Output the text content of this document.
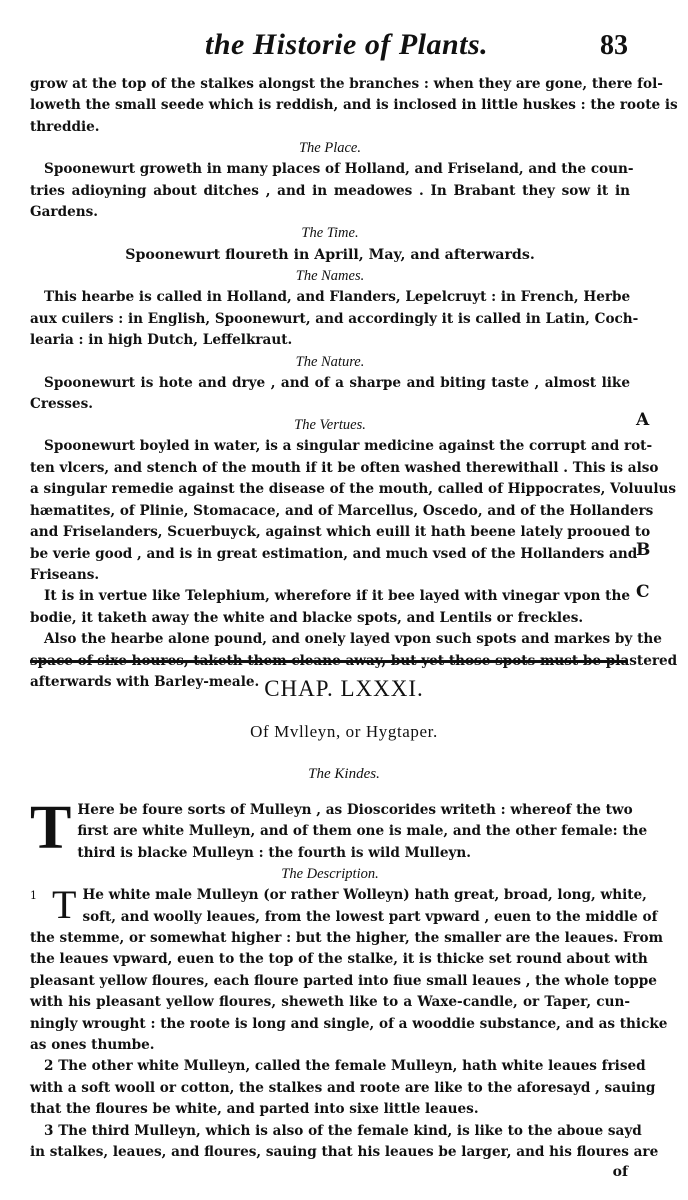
the Historie of Plants.	83
grow at the top of the stalkes alongst the branches : when they are gone, there fol-
loweth the small seede which is reddish, and is inclosed in little huskes : the roote is
threddie.
The Place.
Spoonewurt groweth in many places of Holland, and Friseland, and the coun-
tries adioyning about ditches , and in meadowes . In Brabant they sow it in
Gardens.
The Time.
Spoonewurt floureth in Aprill, May, and afterwards.
The Names.
This hearbe is called in Holland, and Flanders, Lepelcruyt : in French, Herbe
aux cuilers : in English, Spoonewurt, and accordingly it is called in Latin, Coch-
learia : in high Dutch, Leffelkraut.
The Nature.
Spoonewurt is hote and drye , and of a sharpe and biting taste , almost like
Cresses.
The Vertues.
Spoonewurt boyled in water, is a singular medicine against the corrupt and rot-
ten vlcers, and stench of the mouth if it be often washed therewithall . This is also
a singular remedie against the disease of the mouth, called of Hippocrates, Voluulus
hæmatites, of Plinie, Stomacace, and of Marcellus, Oscedo, and of the Hollanders
and Friselanders, Scuerbuyck, against which euill it hath beene lately prooued to
be verie good , and is in great estimation, and much vsed of the Hollanders and
Friseans.
It is in vertue like Telephium, wherefore if it bee layed with vinegar vpon the
bodie, it taketh away the white and blacke spots, and Lentils or freckles.
Also the hearbe alone pound, and onely layed vpon such spots and markes by the
space of sixe houres, taketh them cleane away, but yet those spots must be plastered
afterwards with Barley-meale.
A
B
C
CHAP. LXXXI.
Of Mvlleyn, or Hygtaper.
The Kindes.
T Here be foure sorts of Mulleyn , as Dioscorides writeth : whereof the two
first are white Mulleyn, and of them one is male, and the other female: the
third is blacke Mulleyn : the fourth is wild Mulleyn.
The Description.
1 T He white male Mulleyn (or rather Wolleyn) hath great, broad, long, white,
soft, and woolly leaues, from the lowest part vpward , euen to the middle of
the stemme, or somewhat higher : but the higher, the smaller are the leaues. From
the leaues vpward, euen to the top of the stalke, it is thicke set round about with
pleasant yellow floures, each floure parted into fiue small leaues , the whole toppe
with his pleasant yellow floures, sheweth like to a Waxe-candle, or Taper, cun-
ningly wrought : the roote is long and single, of a wooddie substance, and as thicke
as ones thumbe.
2 The other white Mulleyn, called the female Mulleyn, hath white leaues frised
with a soft wooll or cotton, the stalkes and roote are like to the aforesayd , sauing
that the floures be white, and parted into sixe little leaues.
3 The third Mulleyn, which is also of the female kind, is like to the aboue sayd
in stalkes, leaues, and floures, sauing that his leaues be larger, and his floures are
of
